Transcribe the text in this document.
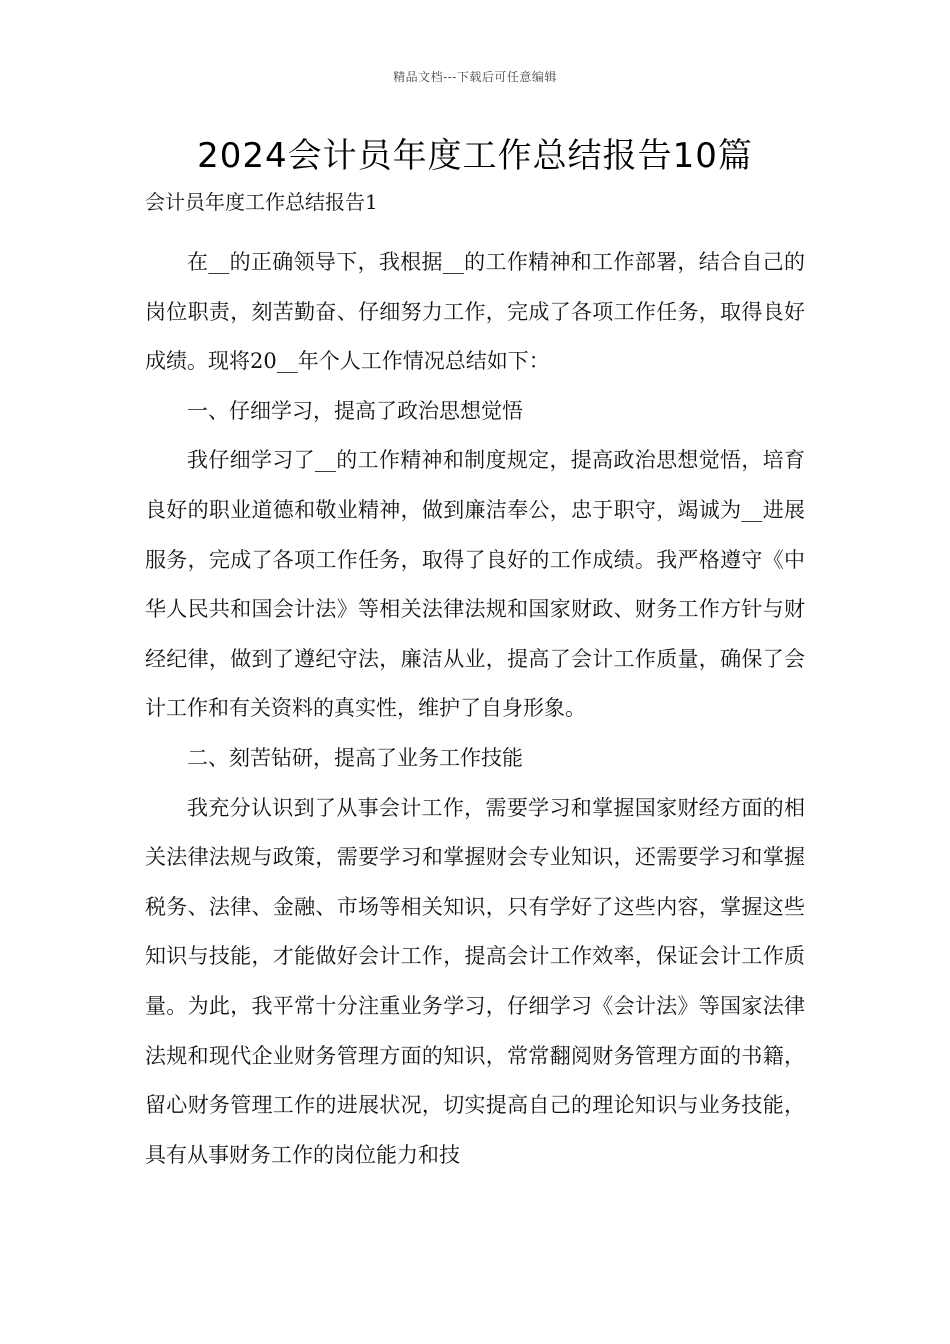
精品文档---下载后可任意编辑
2024会计员年度工作总结报告10篇

会计员年度工作总结报告1

在__的正确领导下，我根据__的工作精神和工作部署，结合自己的岗位职责，刻苦勤奋、仔细努力工作，完成了各项工作任务，取得良好成绩。现将20__年个人工作情况总结如下：

一、仔细学习，提高了政治思想觉悟

我仔细学习了__的工作精神和制度规定，提高政治思想觉悟，培育良好的职业道德和敬业精神，做到廉洁奉公，忠于职守，竭诚为__进展服务，完成了各项工作任务，取得了良好的工作成绩。我严格遵守《中华人民共和国会计法》等相关法律法规和国家财政、财务工作方针与财经纪律，做到了遵纪守法，廉洁从业，提高了会计工作质量，确保了会计工作和有关资料的真实性，维护了自身形象。

二、刻苦钻研，提高了业务工作技能

我充分认识到了从事会计工作，需要学习和掌握国家财经方面的相关法律法规与政策，需要学习和掌握财会专业知识，还需要学习和掌握税务、法律、金融、市场等相关知识，只有学好了这些内容，掌握这些知识与技能，才能做好会计工作，提高会计工作效率，保证会计工作质量。为此，我平常十分注重业务学习，仔细学习《会计法》等国家法律法规和现代企业财务管理方面的知识，常常翻阅财务管理方面的书籍，留心财务管理工作的进展状况，切实提高自己的理论知识与业务技能，具有从事财务工作的岗位能力和技
